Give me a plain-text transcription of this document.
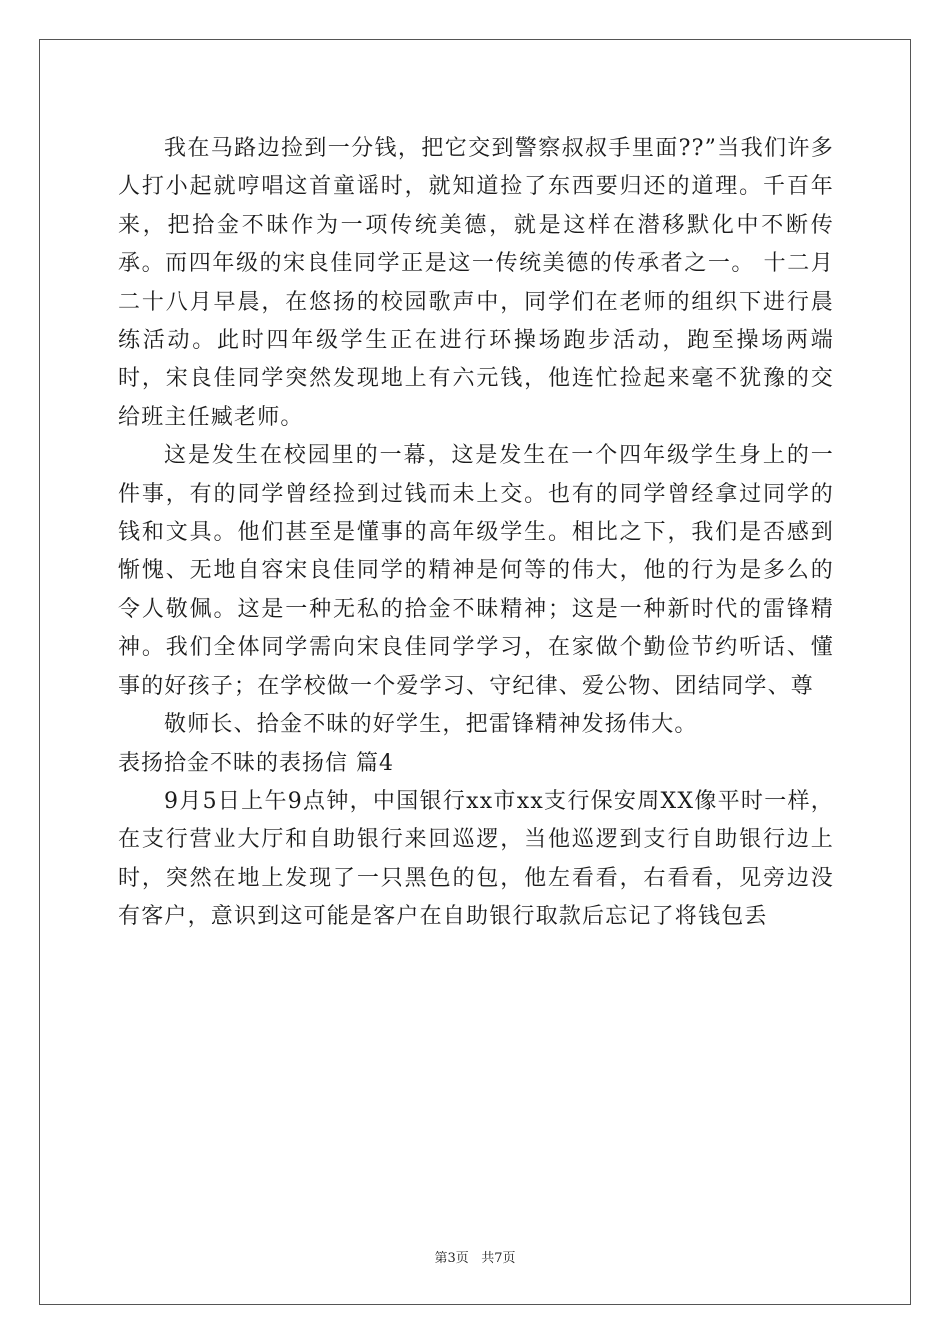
我在马路边捡到一分钱，把它交到警察叔叔手里面??”当我们许多人打小起就哼唱这首童谣时，就知道捡了东西要归还的道理。千百年来，把拾金不昧作为一项传统美德，就是这样在潜移默化中不断传承。而四年级的宋良佳同学正是这一传统美德的传承者之一。 十二月二十八月早晨，在悠扬的校园歌声中，同学们在老师的组织下进行晨练活动。此时四年级学生正在进行环操场跑步活动，跑至操场两端时，宋良佳同学突然发现地上有六元钱，他连忙捡起来毫不犹豫的交给班主任臧老师。

这是发生在校园里的一幕，这是发生在一个四年级学生身上的一件事，有的同学曾经捡到过钱而未上交。也有的同学曾经拿过同学的钱和文具。他们甚至是懂事的高年级学生。相比之下，我们是否感到惭愧、无地自容宋良佳同学的精神是何等的伟大，他的行为是多么的令人敬佩。这是一种无私的拾金不昧精神；这是一种新时代的雷锋精神。我们全体同学需向宋良佳同学学习，在家做个勤俭节约听话、懂事的好孩子；在学校做一个爱学习、守纪律、爱公物、团结同学、尊

敬师长、拾金不昧的好学生，把雷锋精神发扬伟大。

表扬拾金不昧的表扬信 篇4

9月5日上午9点钟，中国银行xx市xx支行保安周XX像平时一样，在支行营业大厅和自助银行来回巡逻，当他巡逻到支行自助银行边上时，突然在地上发现了一只黑色的包，他左看看，右看看，见旁边没有客户，意识到这可能是客户在自助银行取款后忘记了将钱包丢

第3页 共7页
